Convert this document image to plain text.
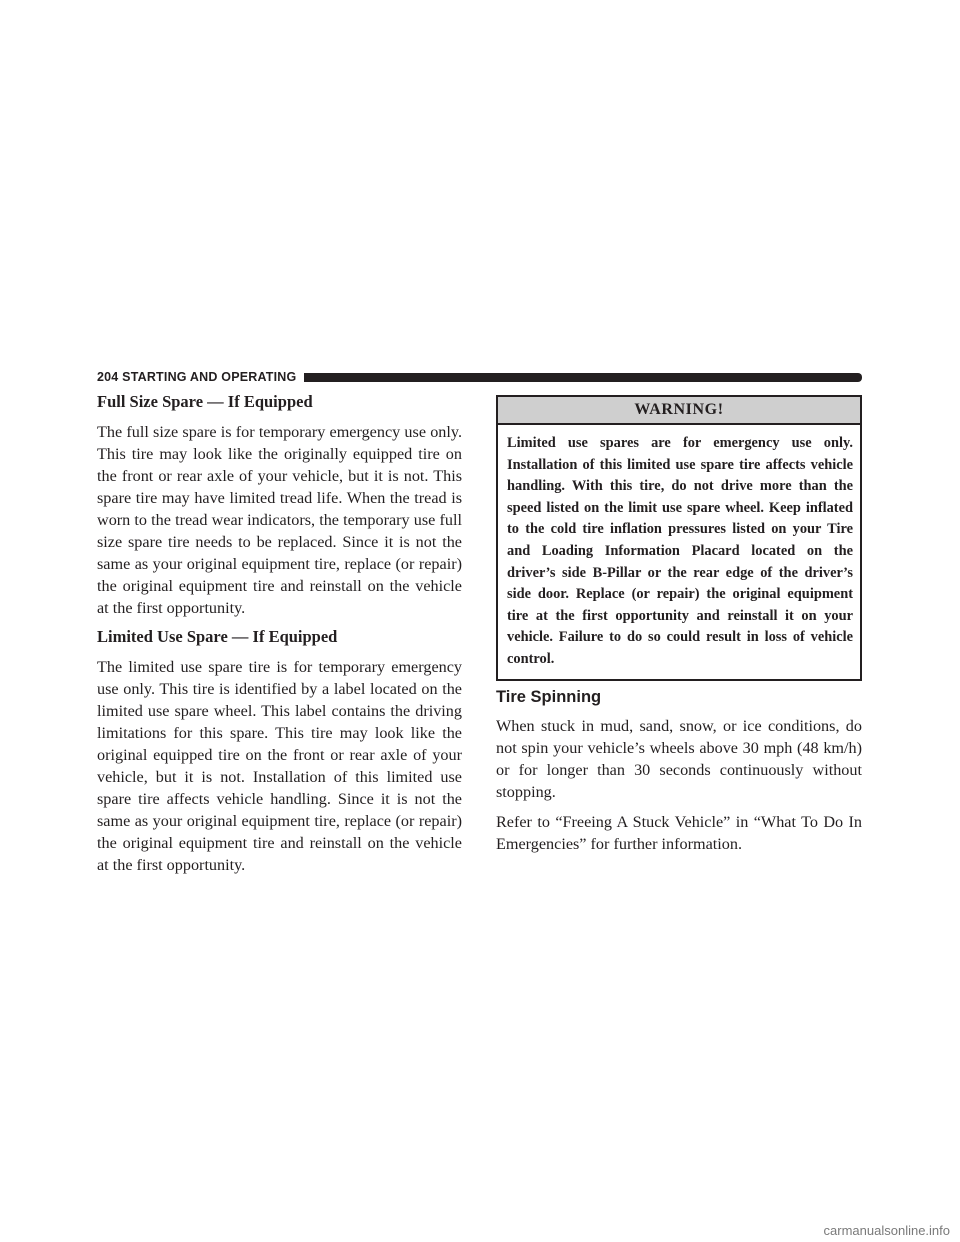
204 STARTING AND OPERATING
Full Size Spare — If Equipped

The full size spare is for temporary emergency use only. This tire may look like the originally equipped tire on the front or rear axle of your vehicle, but it is not. This spare tire may have limited tread life. When the tread is worn to the tread wear indicators, the temporary use full size spare tire needs to be replaced. Since it is not the same as your original equipment tire, replace (or repair) the original equipment tire and reinstall on the vehicle at the first opportunity.

Limited Use Spare — If Equipped

The limited use spare tire is for temporary emergency use only. This tire is identified by a label located on the limited use spare wheel. This label contains the driving limitations for this spare. This tire may look like the original equipped tire on the front or rear axle of your vehicle, but it is not. Installation of this limited use spare tire affects vehicle handling. Since it is not the same as your original equipment tire, replace (or repair) the original equipment tire and reinstall on the vehicle at the first opportunity.

WARNING!
Limited use spares are for emergency use only. Installation of this limited use spare tire affects vehicle handling. With this tire, do not drive more than the speed listed on the limit use spare wheel. Keep inflated to the cold tire inflation pressures listed on your Tire and Loading Information Placard located on the driver’s side B-Pillar or the rear edge of the driver’s side door. Replace (or repair) the original equipment tire at the first opportunity and reinstall it on your vehicle. Failure to do so could result in loss of vehicle control.
Tire Spinning

When stuck in mud, sand, snow, or ice conditions, do not spin your vehicle’s wheels above 30 mph (48 km/h) or for longer than 30 seconds continuously without stopping.

Refer to “Freeing A Stuck Vehicle” in “What To Do In Emergencies” for further information.

carmanualsonline.info
